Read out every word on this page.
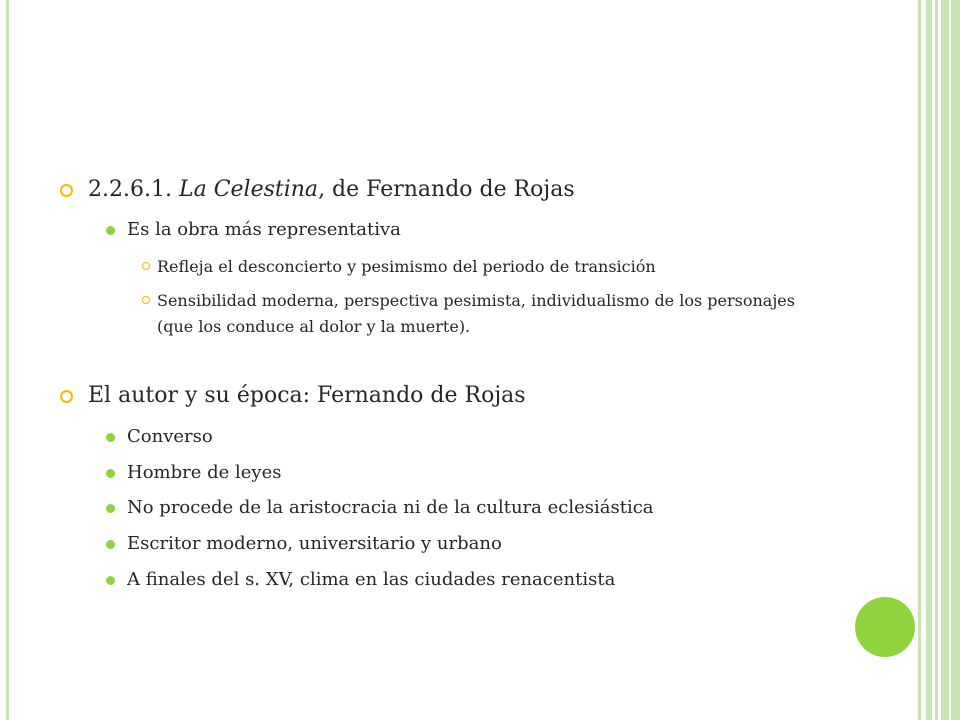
2.2.6.1. La Celestina, de Fernando de Rojas
Es la obra más representativa
Refleja el desconcierto y pesimismo del periodo de transición
Sensibilidad moderna, perspectiva pesimista, individualismo de los personajes (que los conduce al dolor y la muerte).
El autor y su época: Fernando de Rojas
Converso
Hombre de leyes
No procede de la aristocracia ni de la cultura eclesiástica
Escritor moderno, universitario y urbano
A finales del s. XV, clima en las ciudades renacentista
